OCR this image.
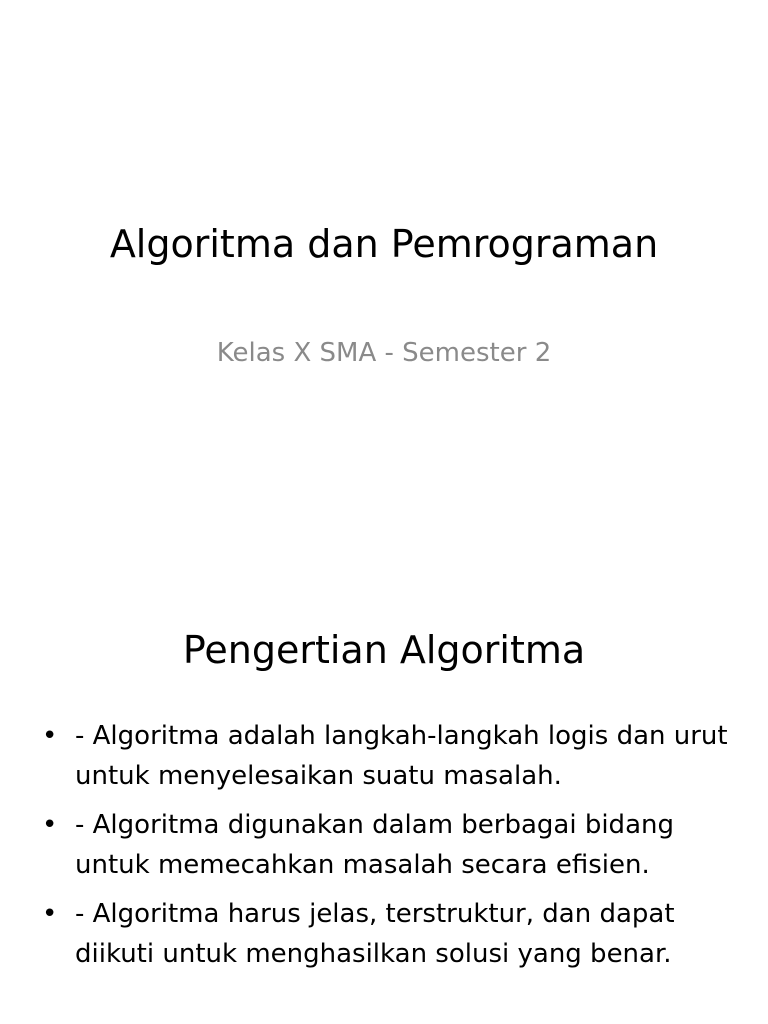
Algoritma dan Pemrograman
Kelas X SMA - Semester 2
Pengertian Algoritma
• - Algoritma adalah langkah-langkah logis dan urut untuk menyelesaikan suatu masalah.
• - Algoritma digunakan dalam berbagai bidang untuk memecahkan masalah secara efisien.
• - Algoritma harus jelas, terstruktur, dan dapat diikuti untuk menghasilkan solusi yang benar.
